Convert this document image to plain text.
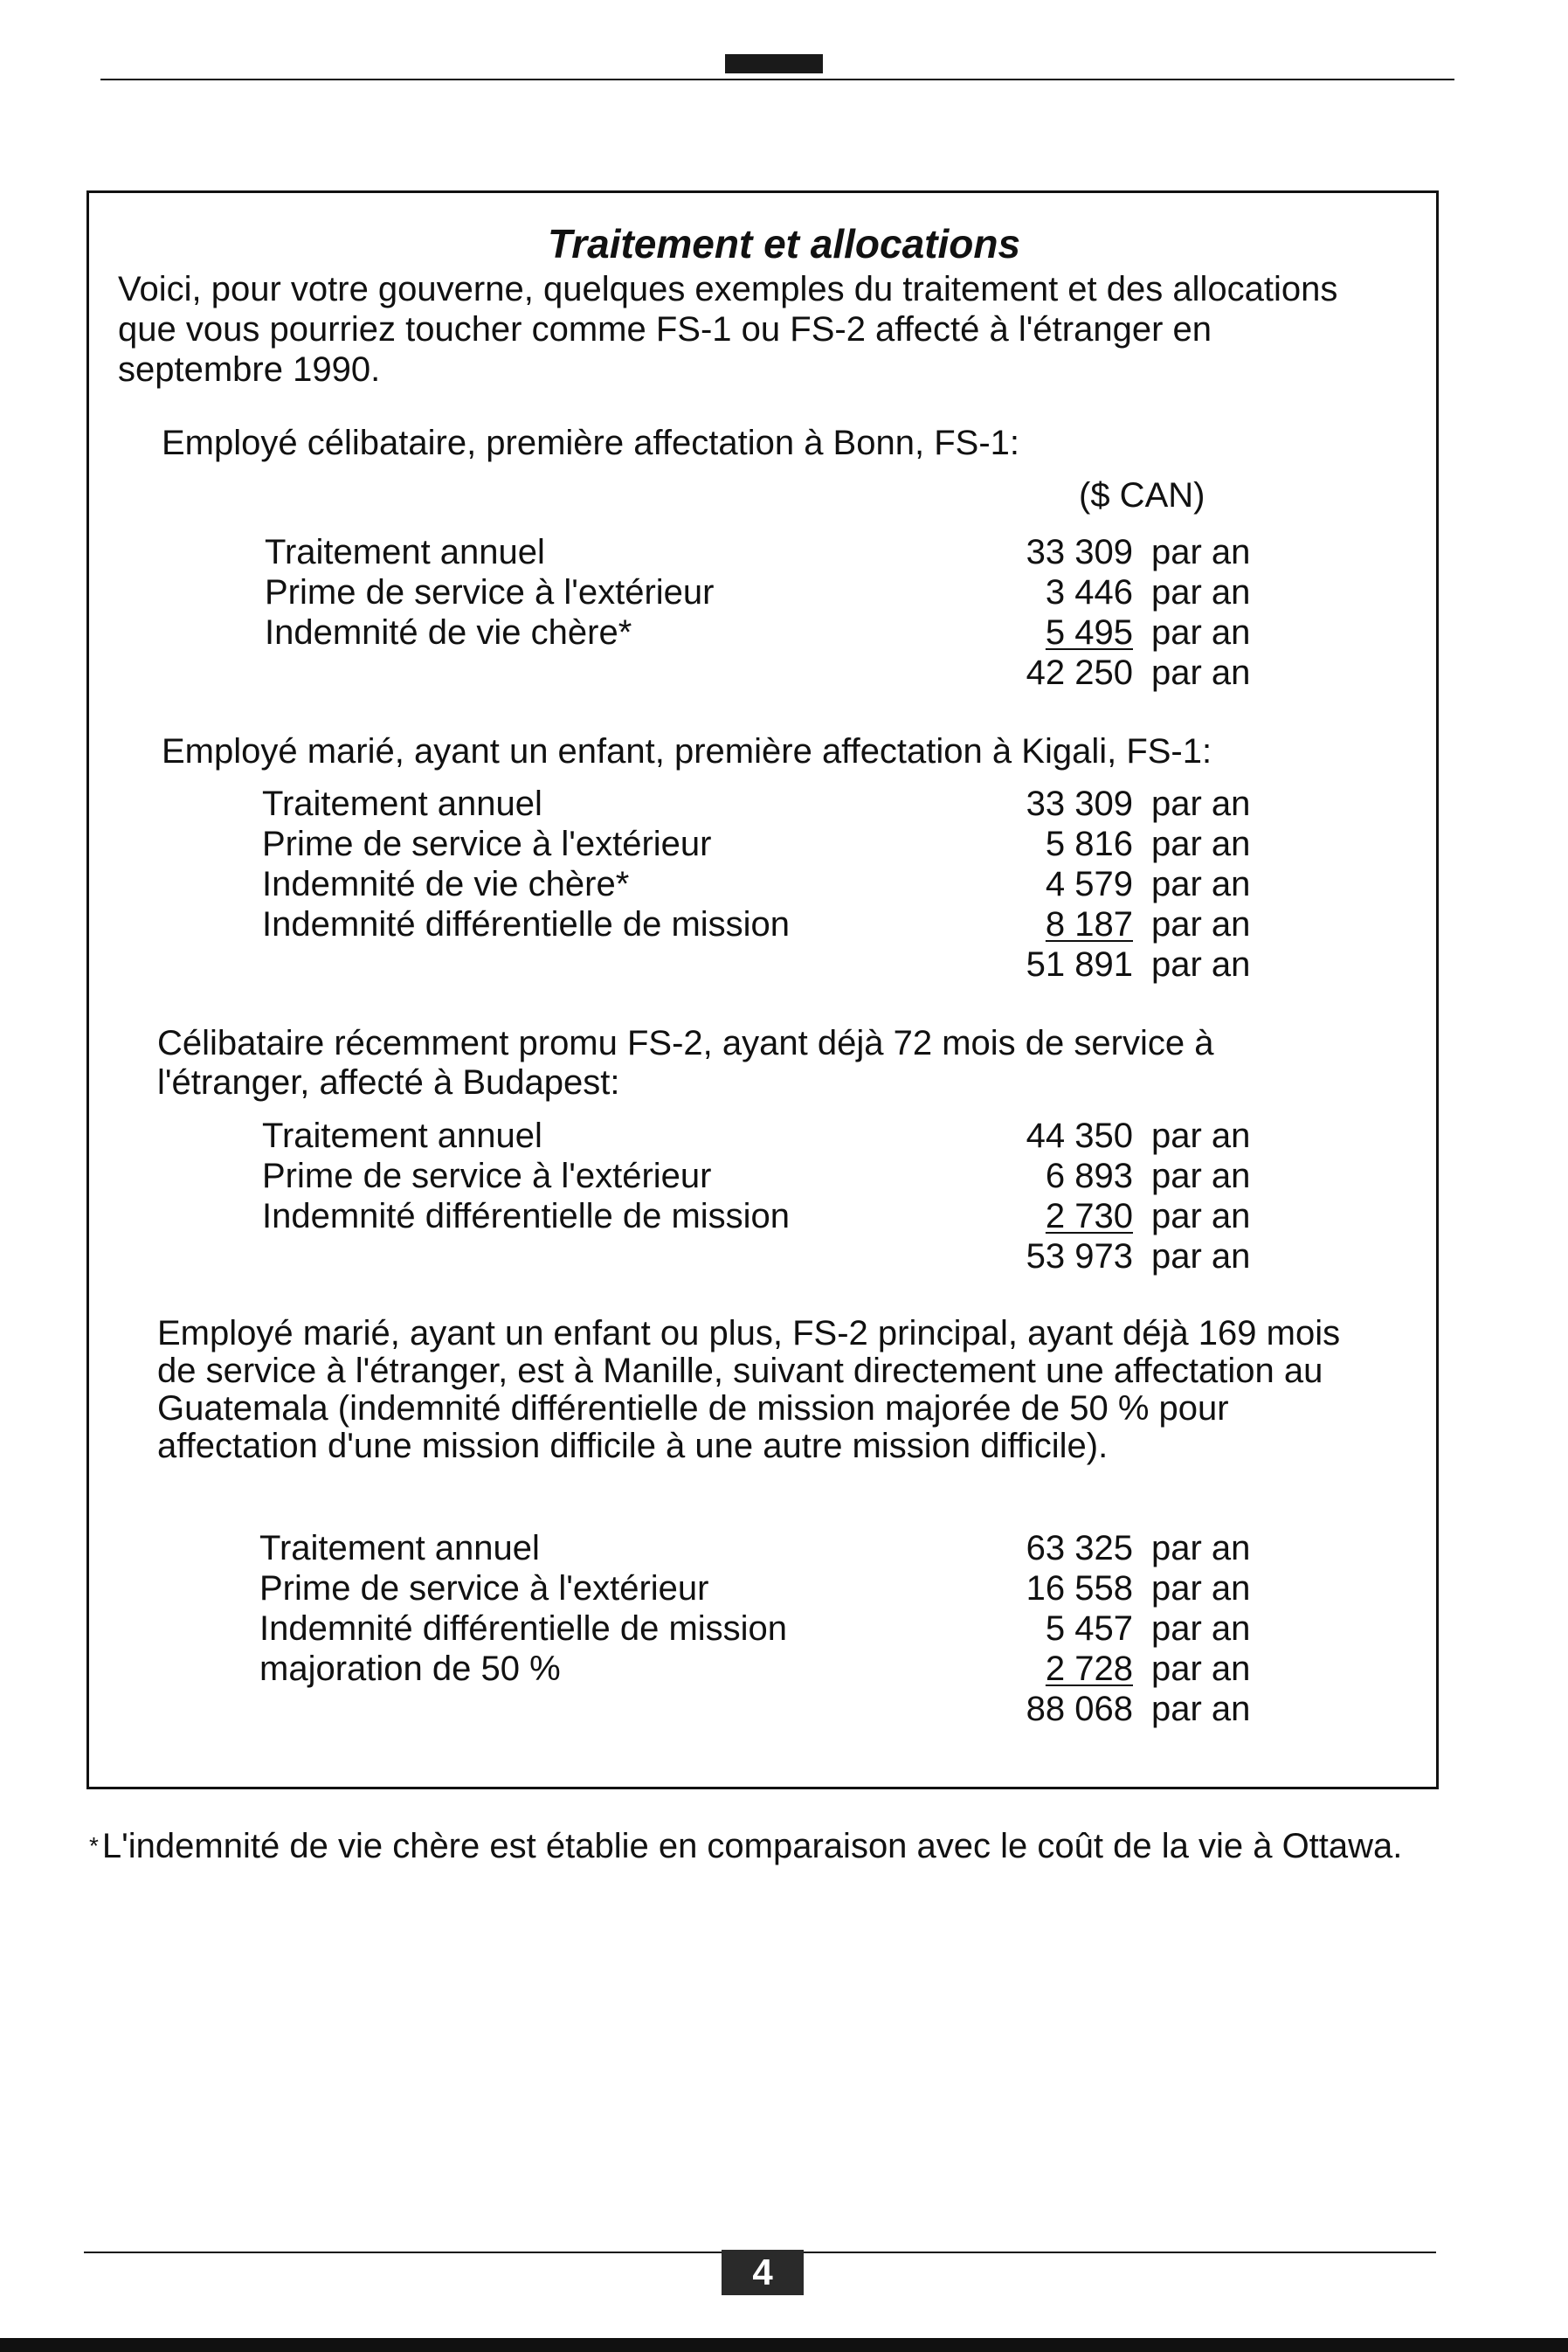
Traitement et allocations

Voici, pour votre gouverne, quelques exemples du traitement et des allocations que vous pourriez toucher comme FS-1 ou FS-2 affecté à l'étranger en septembre 1990.

Employé célibataire, première affectation à Bonn, FS-1:

($ CAN)

Traitement annuel	33 309 par an
Prime de service à l'extérieur	3 446 par an
Indemnité de vie chère*	5 495 par an
42 250 par an

Employé marié, ayant un enfant, première affectation à Kigali, FS-1:

Traitement annuel	33 309 par an
Prime de service à l'extérieur	5 816 par an
Indemnité de vie chère*	4 579 par an
Indemnité différentielle de mission	8 187 par an
51 891 par an

Célibataire récemment promu FS-2, ayant déjà 72 mois de service à l'étranger, affecté à Budapest:

Traitement annuel	44 350 par an
Prime de service à l'extérieur	6 893 par an
Indemnité différentielle de mission	2 730 par an
53 973 par an

Employé marié, ayant un enfant ou plus, FS-2 principal, ayant déjà 169 mois de service à l'étranger, est à Manille, suivant directement une affectation au Guatemala (indemnité différentielle de mission majorée de 50 % pour affectation d'une mission difficile à une autre mission difficile).

Traitement annuel	63 325 par an
Prime de service à l'extérieur	16 558 par an
Indemnité différentielle de mission	5 457 par an
majoration de 50 %	2 728 par an
88 068 par an

* L'indemnité de vie chère est établie en comparaison avec le coût de la vie à Ottawa.

4
